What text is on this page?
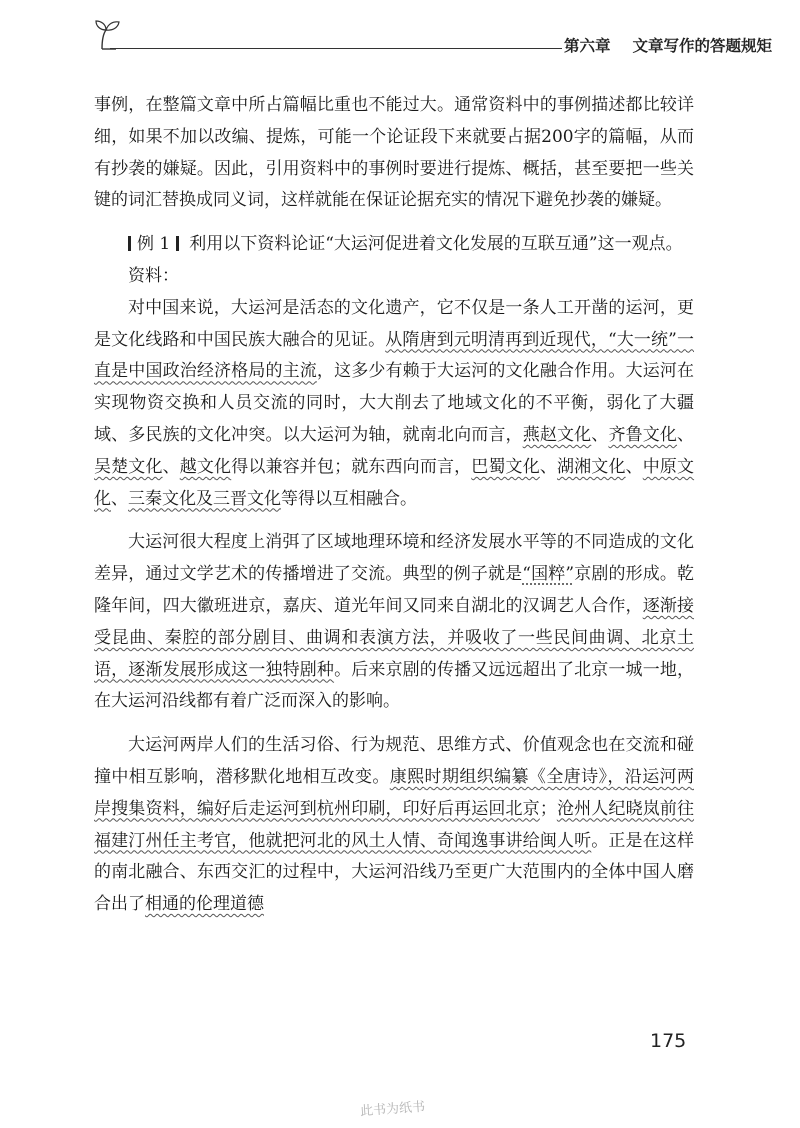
第六章 文章写作的答题规矩

事例，在整篇文章中所占篇幅比重也不能过大。通常资料中的事例描述都比较详细，如果不加以改编、提炼，可能一个论证段下来就要占据200字的篇幅，从而有抄袭的嫌疑。因此，引用资料中的事例时要进行提炼、概括，甚至要把一些关键的词汇替换成同义词，这样就能在保证论据充实的情况下避免抄袭的嫌疑。

例 1 利用以下资料论证“大运河促进着文化发展的互联互通”这一观点。

资料：

对中国来说，大运河是活态的文化遗产，它不仅是一条人工开凿的运河，更是文化线路和中国民族大融合的见证。从隋唐到元明清再到近现代，“大一统”一直是中国政治经济格局的主流，这多少有赖于大运河的文化融合作用。大运河在实现物资交换和人员交流的同时，大大削去了地域文化的不平衡，弱化了大疆域、多民族的文化冲突。以大运河为轴，就南北向而言，燕赵文化、齐鲁文化、吴楚文化、越文化得以兼容并包；就东西向而言，巴蜀文化、湖湘文化、中原文化、三秦文化及三晋文化等得以互相融合。

大运河很大程度上消弭了区域地理环境和经济发展水平等的不同造成的文化差异，通过文学艺术的传播增进了交流。典型的例子就是“国粹”京剧的形成。乾隆年间，四大徽班进京，嘉庆、道光年间又同来自湖北的汉调艺人合作，逐渐接受昆曲、秦腔的部分剧目、曲调和表演方法，并吸收了一些民间曲调、北京土语，逐渐发展形成这一独特剧种。后来京剧的传播又远远超出了北京一城一地，在大运河沿线都有着广泛而深入的影响。

大运河两岸人们的生活习俗、行为规范、思维方式、价值观念也在交流和碰撞中相互影响，潜移默化地相互改变。康熙时期组织编纂《全唐诗》，沿运河两岸搜集资料，编好后走运河到杭州印刷，印好后再运回北京；沧州人纪晓岚前往福建汀州任主考官，他就把河北的风土人情、奇闻逸事讲给闽人听。正是在这样的南北融合、东西交汇的过程中，大运河沿线乃至更广大范围内的全体中国人磨合出了相通的伦理道德

175
此书为纸书
